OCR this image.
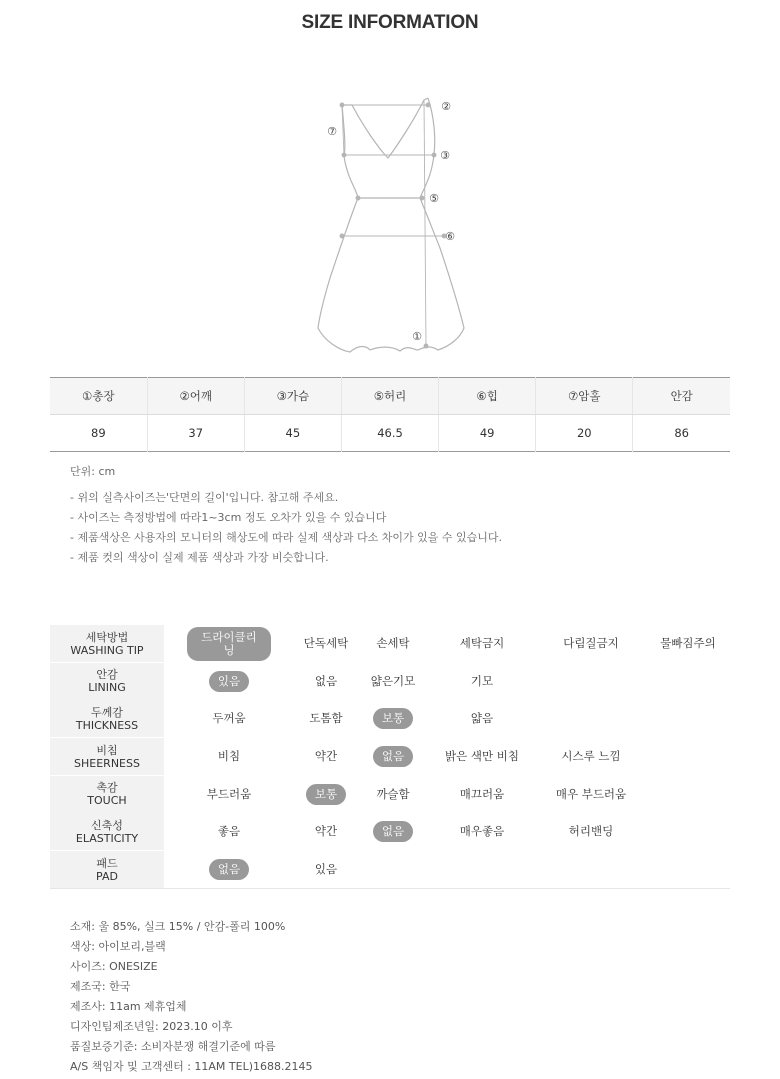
SIZE INFORMATION
②
⑦
③
⑤
⑥
①
①총장	②어깨	③가슴	⑤허리	⑥힙	⑦암홀	안감
89	37	45	46.5	49	20	86
단위: cm
- 위의 실측사이즈는'단면의 길이'입니다. 참고해 주세요.
- 사이즈는 측정방법에 따라1~3cm 정도 오차가 있을 수 있습니다
- 제품색상은 사용자의 모니터의 해상도에 따라 실제 색상과 다소 차이가 있을 수 있습니다.
- 제품 컷의 색상이 실제 제품 색상과 가장 비슷합니다.
세탁방법
WASHING TIP
드라이클리닝	단독세탁 손세탁	세탁금지	다림질금지	물빠짐주의
안감
LINING	있음	없음	얇은기모	기모
두께감
THICKNESS	두꺼움	도톰함	보통	얇음
비침
SHEERNESS	비침	약간	없음	밝은 색만 비침	시스루 느낌
촉감
TOUCH	부드러움	보통	까슬함	매끄러움	매우 부드러움
신축성
ELASTICITY	좋음	약간	없음	매우좋음	허리밴딩
패드
PAD	없음	있음
소재: 울 85%, 실크 15% / 안감-폴리 100%
색상: 아이보리,블랙
사이즈: ONESIZE
제조국: 한국
제조사: 11am 제휴업체
디자인팀제조년일: 2023.10 이후
품질보증기준: 소비자분쟁 해결기준에 따름
A/S 책임자 및 고객센터 : 11AM TEL)1688.2145
